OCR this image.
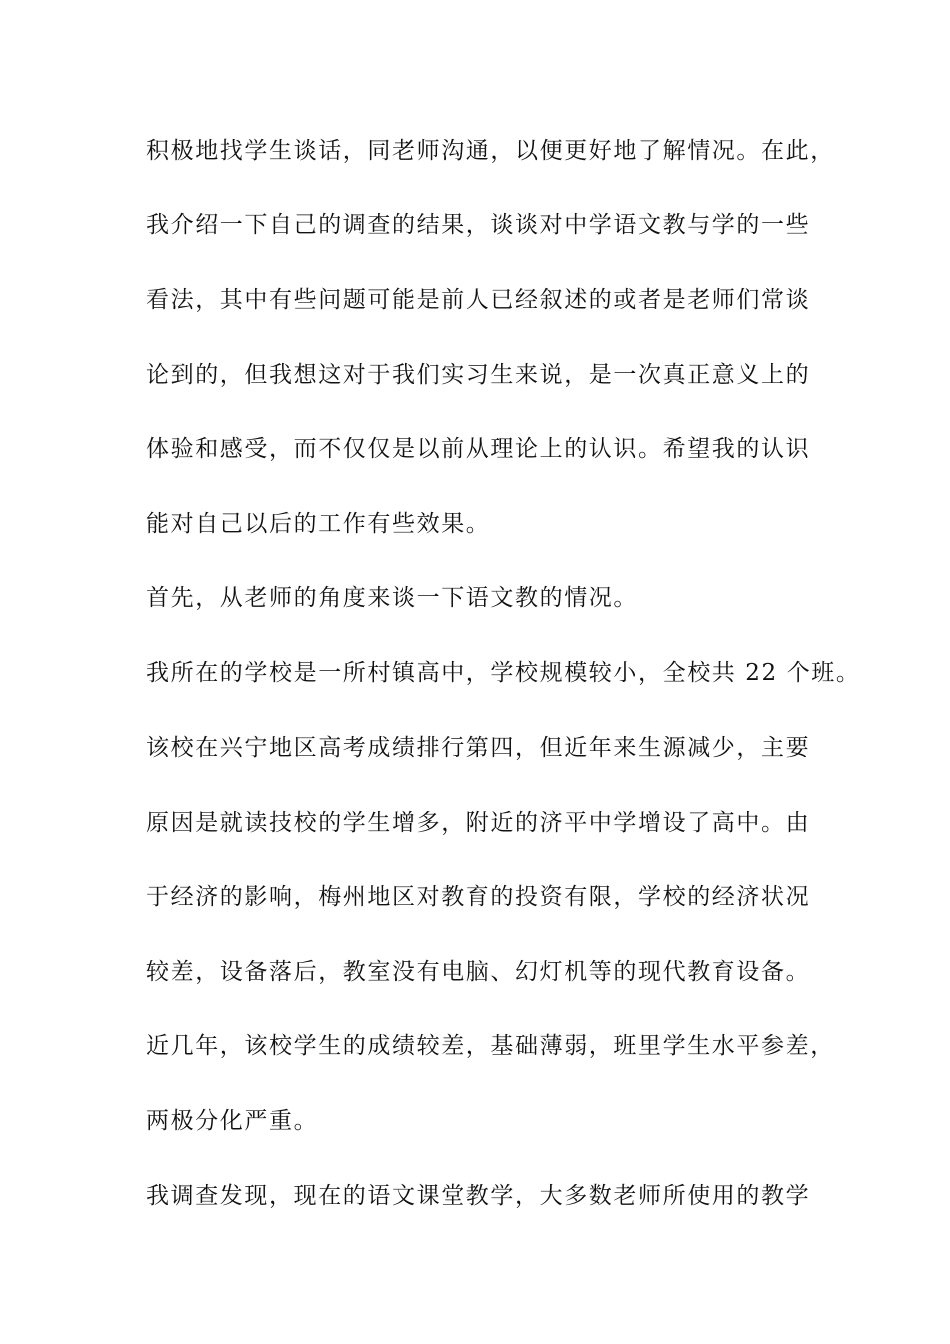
积极地找学生谈话，同老师沟通，以便更好地了解情况。在此，
我介绍一下自己的调查的结果，谈谈对中学语文教与学的一些
看法，其中有些问题可能是前人已经叙述的或者是老师们常谈
论到的，但我想这对于我们实习生来说，是一次真正意义上的
体验和感受，而不仅仅是以前从理论上的认识。希望我的认识
能对自己以后的工作有些效果。
首先，从老师的角度来谈一下语文教的情况。
我所在的学校是一所村镇高中，学校规模较小，全校共 22 个班。
该校在兴宁地区高考成绩排行第四，但近年来生源减少，主要
原因是就读技校的学生增多，附近的济平中学增设了高中。由
于经济的影响，梅州地区对教育的投资有限，学校的经济状况
较差，设备落后，教室没有电脑、幻灯机等的现代教育设备。
近几年，该校学生的成绩较差，基础薄弱，班里学生水平参差，
两极分化严重。
我调查发现，现在的语文课堂教学，大多数老师所使用的教学
